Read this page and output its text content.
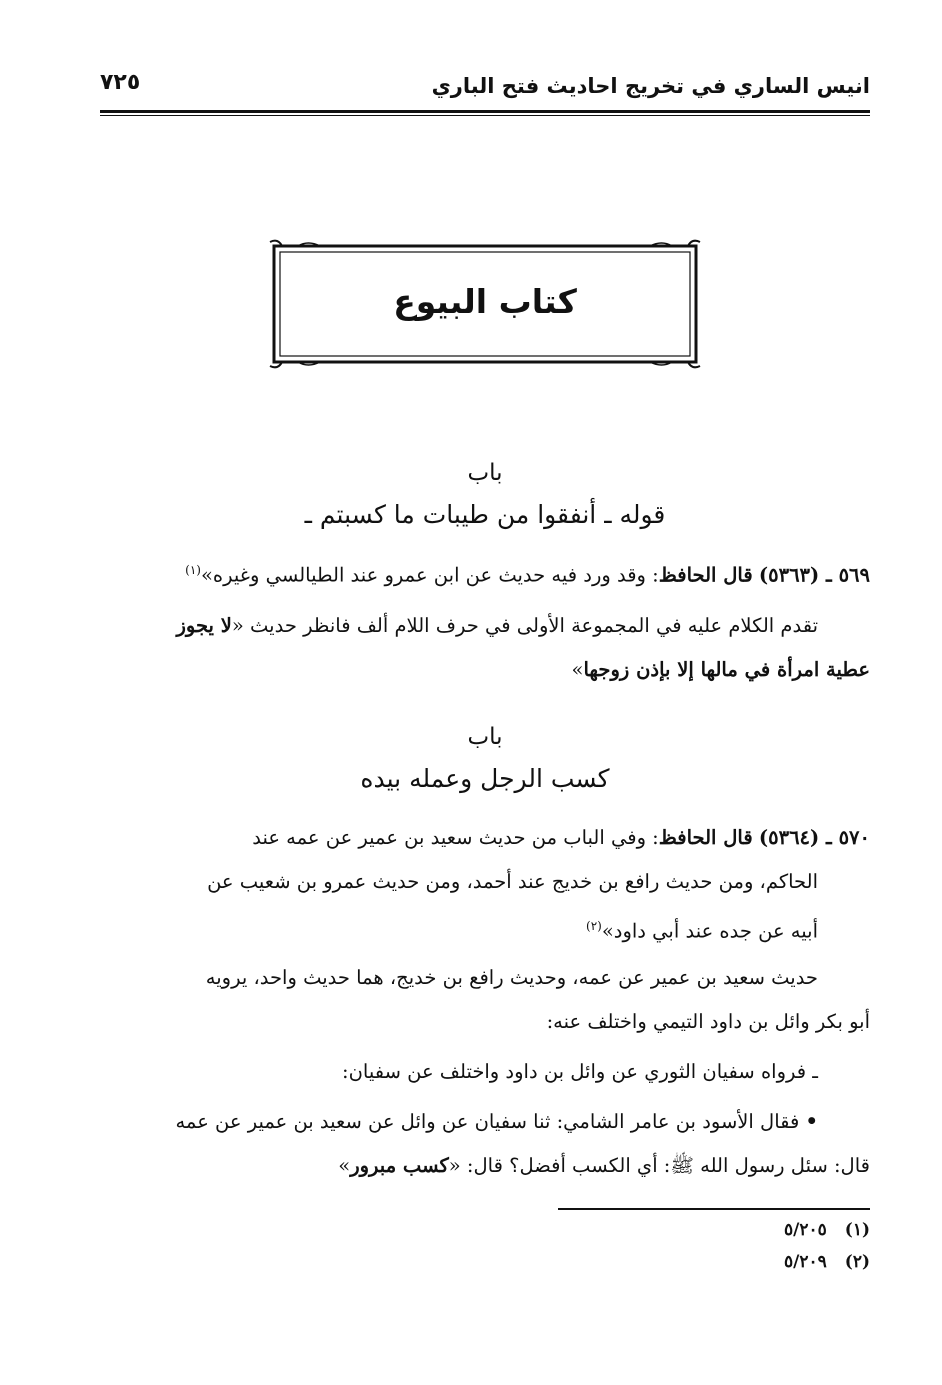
انيس الساري في تخريج احاديث فتح الباري
٧٢٥
كتاب البيوع
باب
قوله ـ أنفقوا من طيبات ما كسبتم ـ
٥٦٩ ـ (٥٣٦٣) قال الحافظ: وقد ورد فيه حديث عن ابن عمرو عند الطيالسي وغيره»$^{(١)}$
تقدم الكلام عليه في المجموعة الأولى في حرف اللام ألف فانظر حديث «لا يجوز
عطية امرأة في مالها إلا بإذن زوجها»
باب
كسب الرجل وعمله بيده
٥٧٠ ـ (٥٣٦٤) قال الحافظ: وفي الباب من حديث سعيد بن عمير عن عمه عند
الحاكم، ومن حديث رافع بن خديج عند أحمد، ومن حديث عمرو بن شعيب عن
أبيه عن جده عند أبي داود»$^{(٢)}$
حديث سعيد بن عمير عن عمه، وحديث رافع بن خديج، هما حديث واحد، يرويه
أبو بكر وائل بن داود التيمي واختلف عنه:
ـ فرواه سفيان الثوري عن وائل بن داود واختلف عن سفيان:
• فقال الأسود بن عامر الشامي: ثنا سفيان عن وائل عن سعيد بن عمير عن عمه
قال: سئل رسول الله ﷺ: أي الكسب أفضل؟ قال: «كسب مبرور»
(١)٥/٢٠٥
(٢)٥/٢٠٩
